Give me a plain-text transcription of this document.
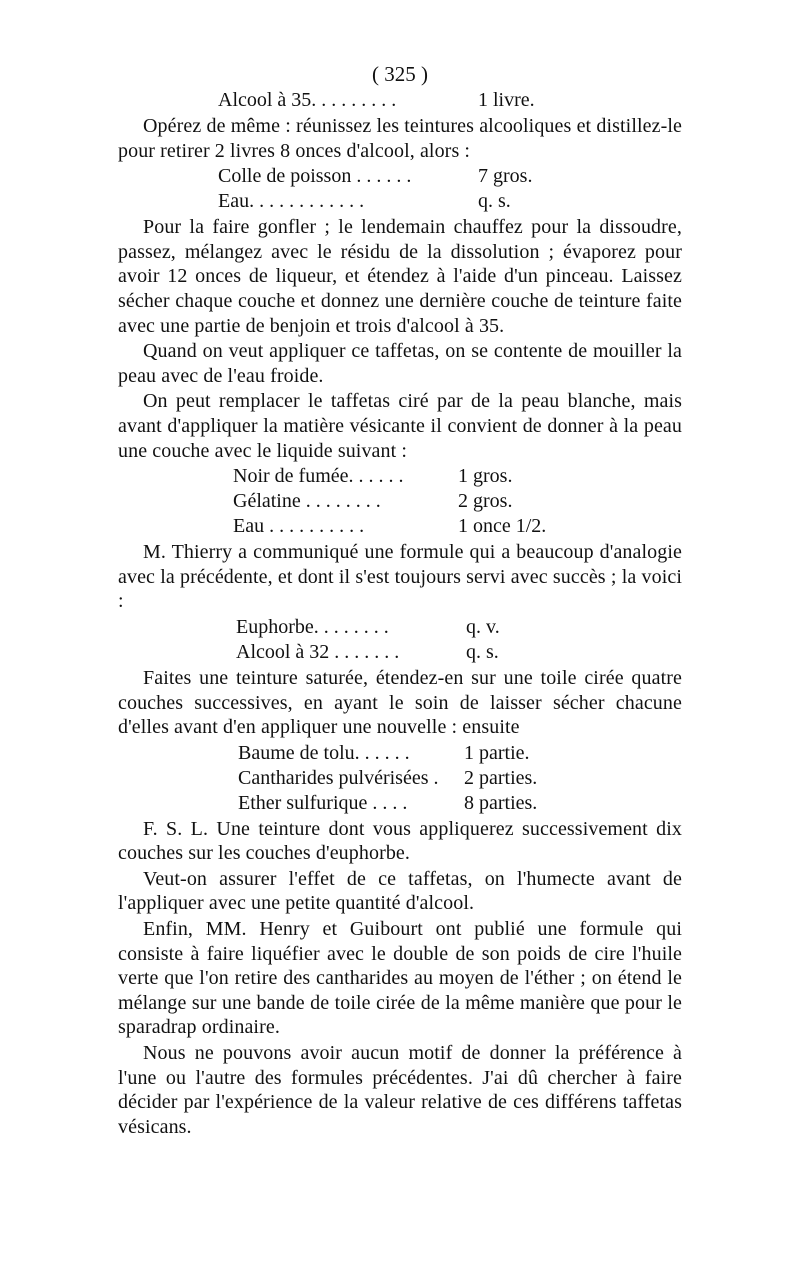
( 325 )
Alcool à 35. . . . . . . . .	1 livre.

Opérez de même : réunissez les teintures alcooliques et distillez-le pour retirer 2 livres 8 onces d'alcool, alors :

Colle de poisson . . . . . .	7 gros.
Eau. . . . . . . . . . . .	q. s.

Pour la faire gonfler ; le lendemain chauffez pour la dissoudre, passez, mélangez avec le résidu de la dissolution ; évaporez pour avoir 12 onces de liqueur, et étendez à l'aide d'un pinceau. Laissez sécher chaque couche et donnez une dernière couche de teinture faite avec une partie de benjoin et trois d'alcool à 35.

Quand on veut appliquer ce taffetas, on se contente de mouiller la peau avec de l'eau froide.

On peut remplacer le taffetas ciré par de la peau blanche, mais avant d'appliquer la matière vésicante il convient de donner à la peau une couche avec le liquide suivant :

Noir de fumée. . . . . .	1 gros.
Gélatine . . . . . . . .	2 gros.
Eau . . . . . . . . . .	1 once 1/2.

M. Thierry a communiqué une formule qui a beaucoup d'analogie avec la précédente, et dont il s'est toujours servi avec succès ; la voici :

Euphorbe. . . . . . . .	q. v.
Alcool à 32 . . . . . . .	q. s.

Faites une teinture saturée, étendez-en sur une toile cirée quatre couches successives, en ayant le soin de laisser sécher chacune d'elles avant d'en appliquer une nouvelle : ensuite

Baume de tolu. . . . . .	1 partie.
Cantharides pulvérisées .	2 parties.
Ether sulfurique . . . .	8 parties.

F. S. L. Une teinture dont vous appliquerez successivement dix couches sur les couches d'euphorbe.

Veut-on assurer l'effet de ce taffetas, on l'humecte avant de l'appliquer avec une petite quantité d'alcool.

Enfin, MM. Henry et Guibourt ont publié une formule qui consiste à faire liquéfier avec le double de son poids de cire l'huile verte que l'on retire des cantharides au moyen de l'éther ; on étend le mélange sur une bande de toile cirée de la même manière que pour le sparadrap ordinaire.

Nous ne pouvons avoir aucun motif de donner la préférence à l'une ou l'autre des formules précédentes. J'ai dû chercher à faire décider par l'expérience de la valeur relative de ces différens taffetas vésicans.
